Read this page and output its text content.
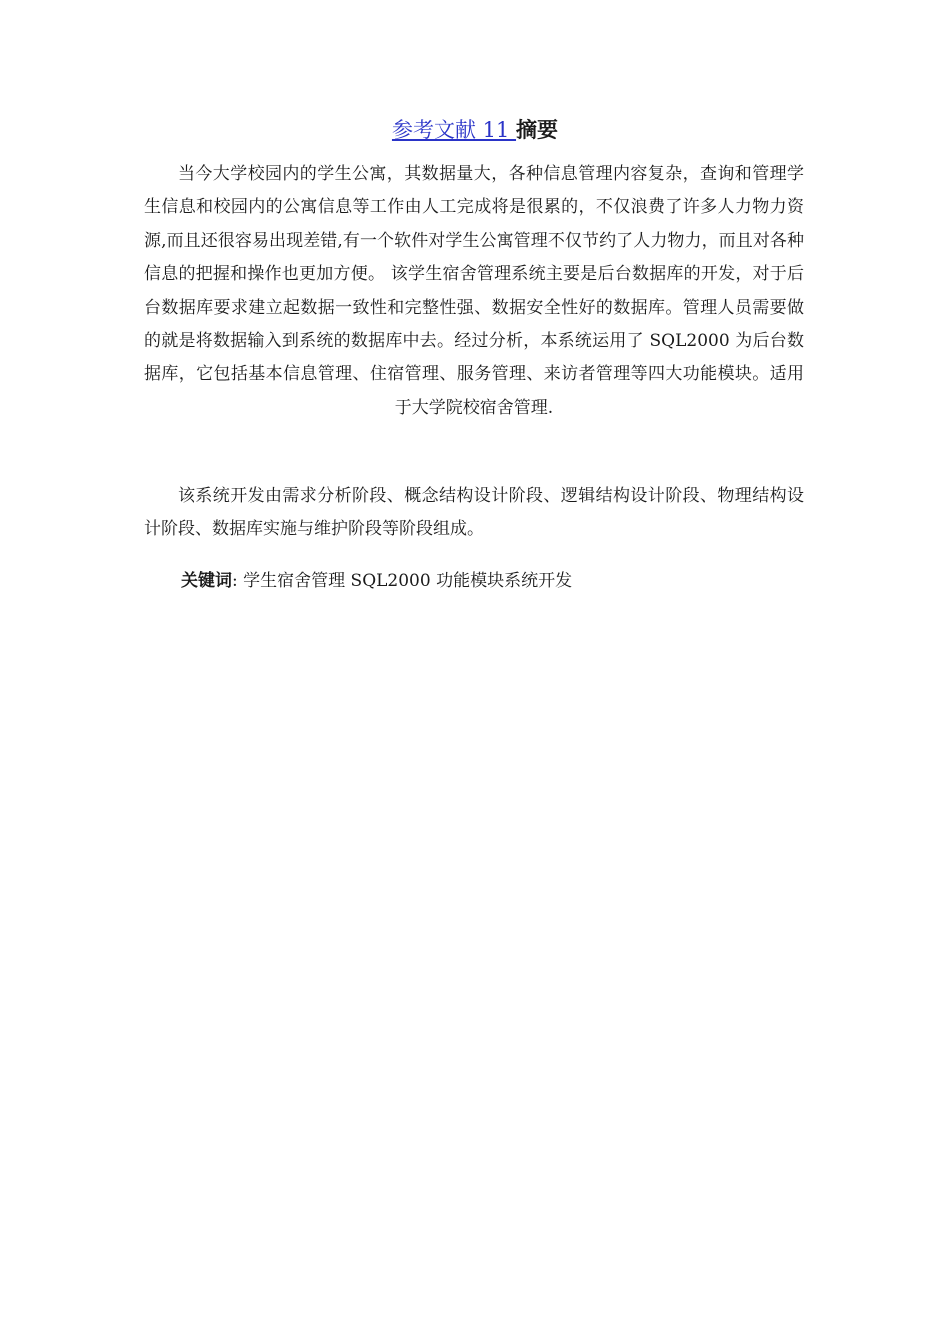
参考文献 11 摘要

当今大学校园内的学生公寓，其数据量大，各种信息管理内容复杂，查询和管理学生信息和校园内的公寓信息等工作由人工完成将是很累的，不仅浪费了许多人力物力资源,而且还很容易出现差错,有一个软件对学生公寓管理不仅节约了人力物力，而且对各种信息的把握和操作也更加方便。 该学生宿舍管理系统主要是后台数据库的开发，对于后台数据库要求建立起数据一致性和完整性强、数据安全性好的数据库。管理人员需要做的就是将数据输入到系统的数据库中去。经过分析，本系统运用了 SQL2000 为后台数据库，它包括基本信息管理、住宿管理、服务管理、来访者管理等四大功能模块。适用于大学院校宿舍管理.

该系统开发由需求分析阶段、概念结构设计阶段、逻辑结构设计阶段、物理结构设计阶段、数据库实施与维护阶段等阶段组成。

关键词: 学生宿舍管理 SQL2000 功能模块系统开发
